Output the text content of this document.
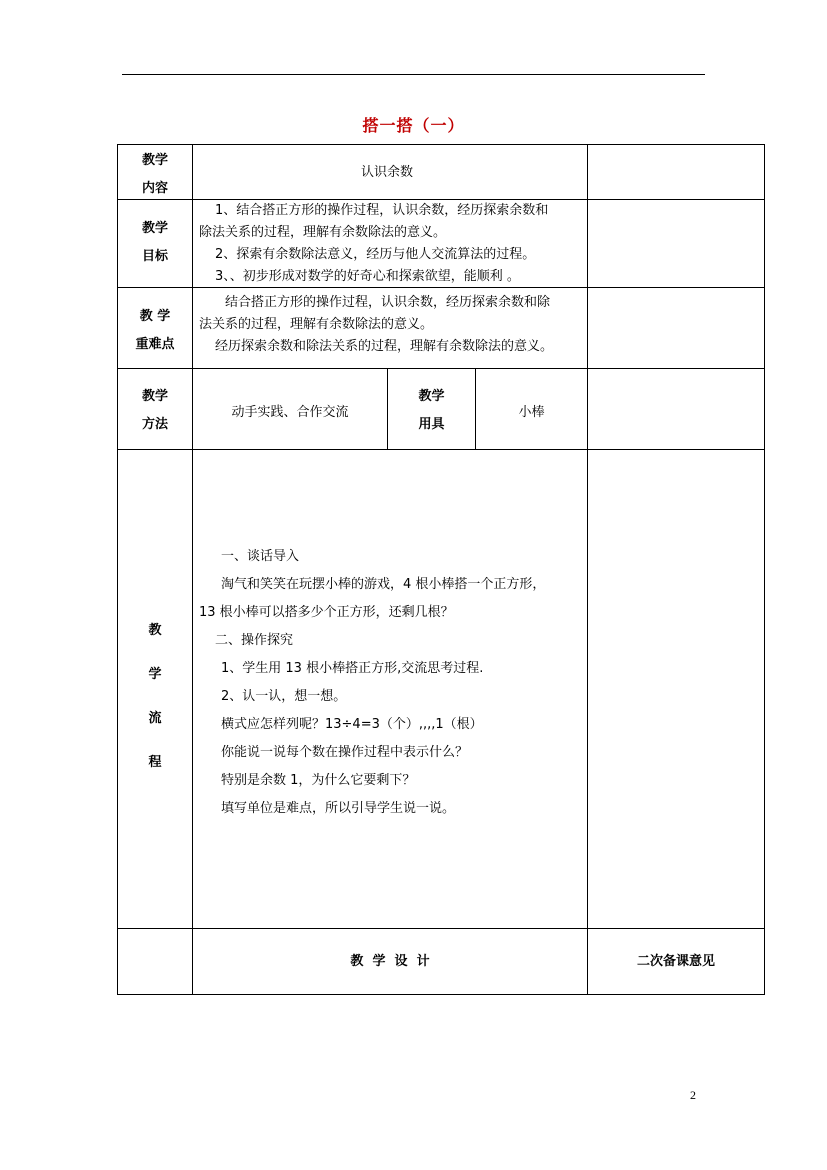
搭一搭（一）
教学
内容
认识余数
教学
目标
1、结合搭正方形的操作过程，认识余数，经历探索余数和
除法关系的过程，理解有余数除法的意义。
2、探索有余数除法意义，经历与他人交流算法的过程。
3、、初步形成对数学的好奇心和探索欲望，能顺利 。
教 学
重难点
结合搭正方形的操作过程，认识余数，经历探索余数和除
法关系的过程，理解有余数除法的意义。
经历探索余数和除法关系的过程，理解有余数除法的意义。
教学
方法
动手实践、合作交流
教学
用具
小棒
教
学
流
程
一、谈话导入
淘气和笑笑在玩摆小棒的游戏，4 根小棒搭一个正方形，
13 根小棒可以搭多少个正方形，还剩几根？
二、操作探究
1、学生用 13 根小棒搭正方形,交流思考过程.
2、认一认，想一想。
横式应怎样列呢？13÷4=3（个）,,,,1（根）
你能说一说每个数在操作过程中表示什么？
特别是余数 1，为什么它要剩下？
填写单位是难点，所以引导学生说一说。
教  学  设  计	二次备课意见
2
